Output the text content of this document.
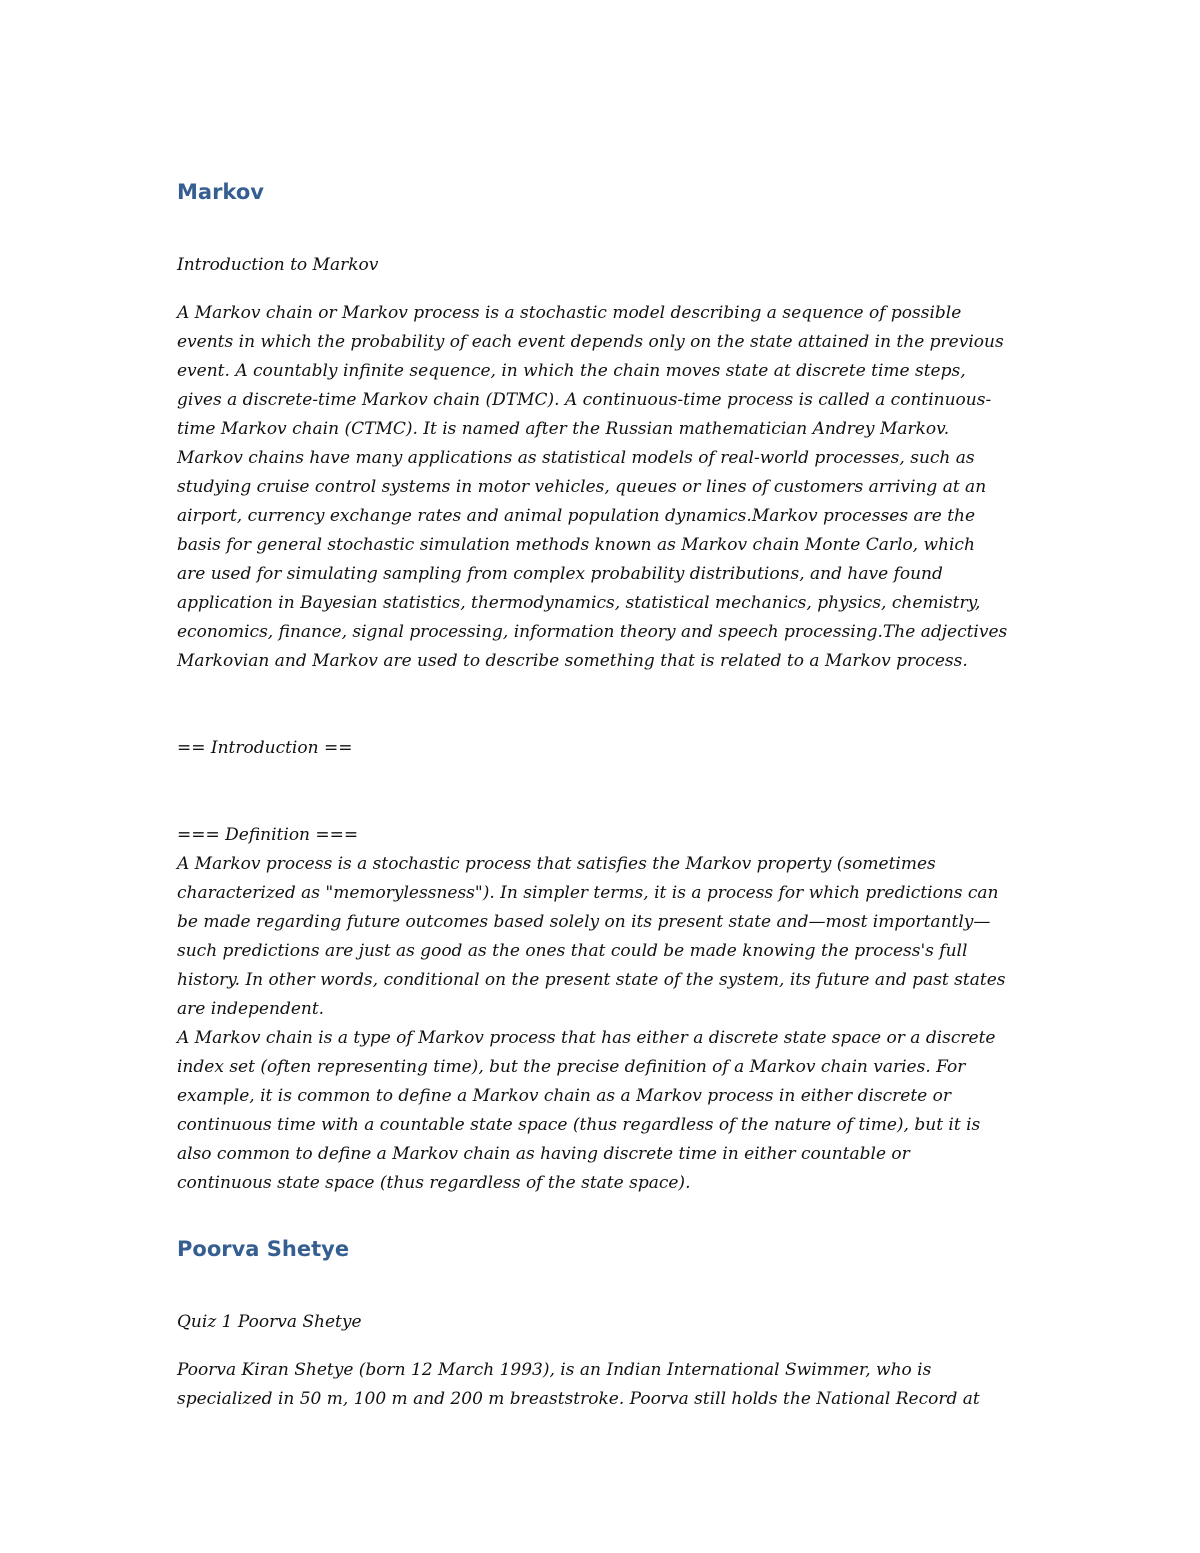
Markov

Introduction to Markov

A Markov chain or Markov process is a stochastic model describing a sequence of possible

events in which the probability of each event depends only on the state attained in the previous

event. A countably infinite sequence, in which the chain moves state at discrete time steps,

gives a discrete-time Markov chain (DTMC). A continuous-time process is called a continuous-

time Markov chain (CTMC). It is named after the Russian mathematician Andrey Markov.

Markov chains have many applications as statistical models of real-world processes, such as

studying cruise control systems in motor vehicles, queues or lines of customers arriving at an

airport, currency exchange rates and animal population dynamics.Markov processes are the

basis for general stochastic simulation methods known as Markov chain Monte Carlo, which

are used for simulating sampling from complex probability distributions, and have found

application in Bayesian statistics, thermodynamics, statistical mechanics, physics, chemistry,

economics, finance, signal processing, information theory and speech processing.The adjectives

Markovian and Markov are used to describe something that is related to a Markov process.

== Introduction ==

=== Definition ===

A Markov process is a stochastic process that satisfies the Markov property (sometimes

characterized as "memorylessness"). In simpler terms, it is a process for which predictions can

be made regarding future outcomes based solely on its present state and—most importantly—

such predictions are just as good as the ones that could be made knowing the process's full

history. In other words, conditional on the present state of the system, its future and past states

are independent.

A Markov chain is a type of Markov process that has either a discrete state space or a discrete

index set (often representing time), but the precise definition of a Markov chain varies. For

example, it is common to define a Markov chain as a Markov process in either discrete or

continuous time with a countable state space (thus regardless of the nature of time), but it is

also common to define a Markov chain as having discrete time in either countable or

continuous state space (thus regardless of the state space).

Poorva Shetye

Quiz 1 Poorva Shetye

Poorva Kiran Shetye (born 12 March 1993), is an Indian International Swimmer, who is

specialized in 50 m, 100 m and 200 m breaststroke. Poorva still holds the National Record at
